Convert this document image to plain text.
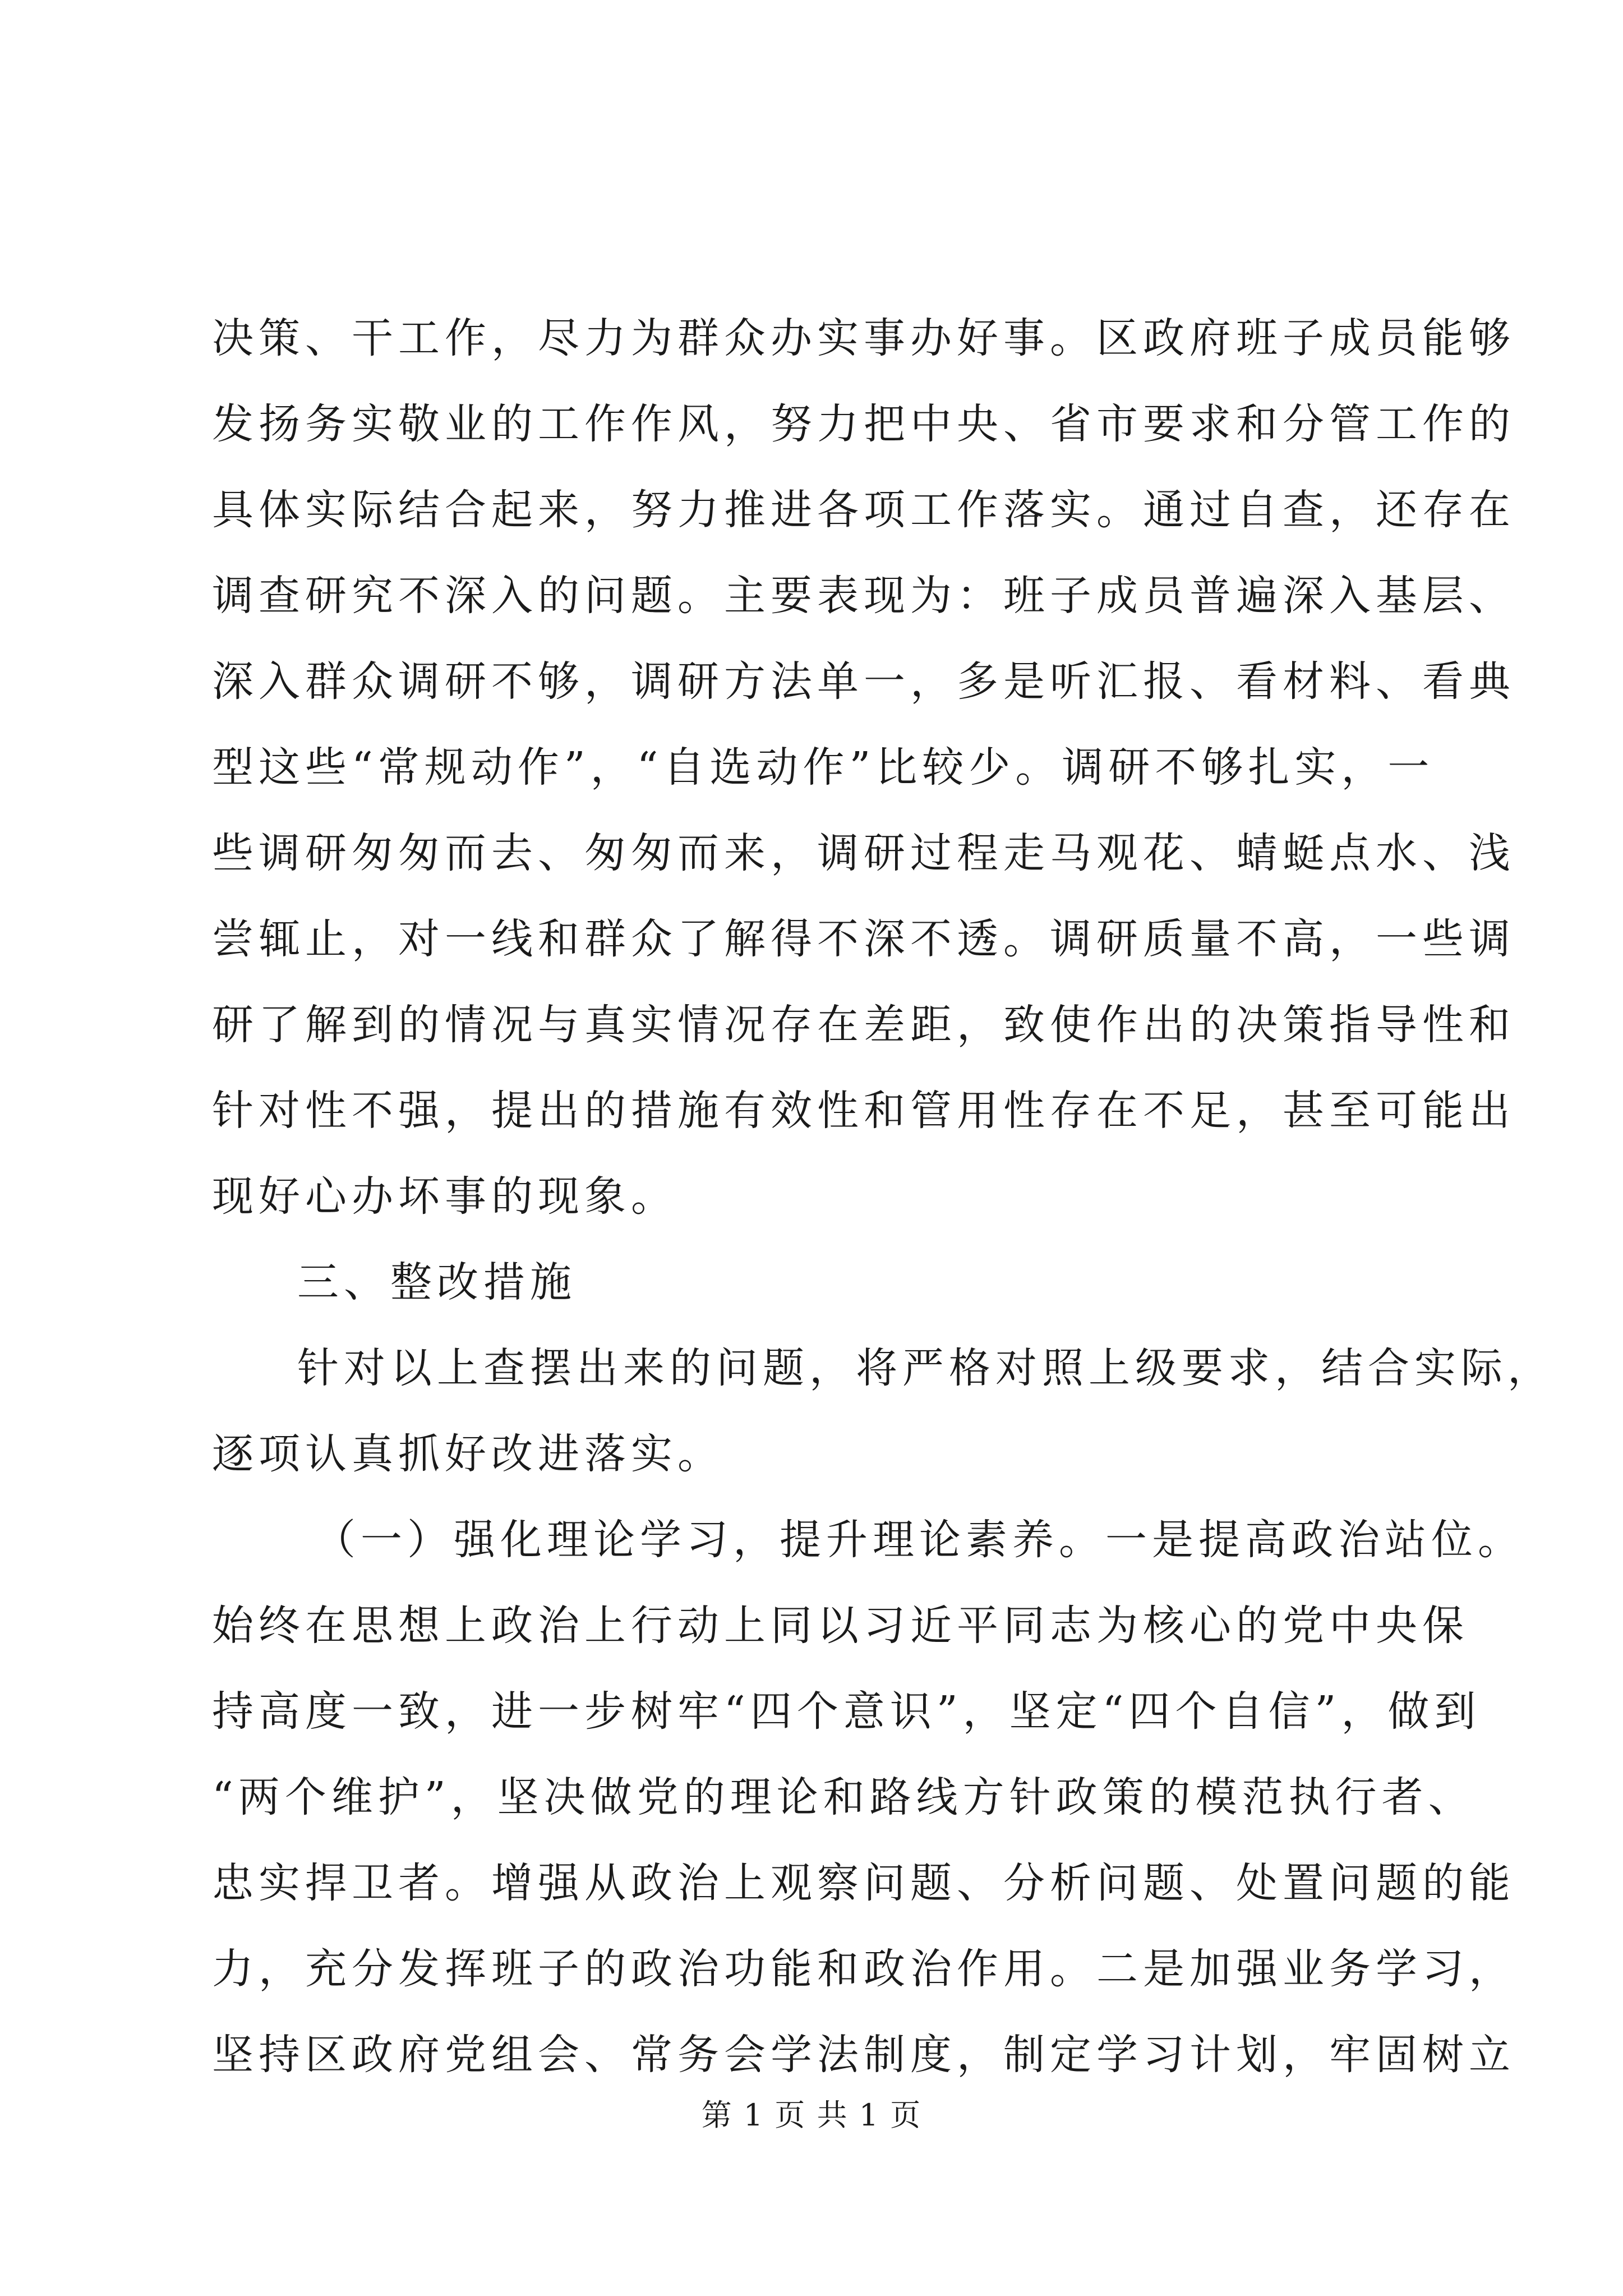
决策、干工作，尽力为群众办实事办好事。区政府班子成员能够
发扬务实敬业的工作作风，努力把中央、省市要求和分管工作的
具体实际结合起来，努力推进各项工作落实。通过自查，还存在
调查研究不深入的问题。主要表现为：班子成员普遍深入基层、
深入群众调研不够，调研方法单一，多是听汇报、看材料、看典
型这些“常规动作”，“自选动作”比较少。调研不够扎实，一
些调研匆匆而去、匆匆而来，调研过程走马观花、蜻蜓点水、浅
尝辄止，对一线和群众了解得不深不透。调研质量不高，一些调
研了解到的情况与真实情况存在差距，致使作出的决策指导性和
针对性不强，提出的措施有效性和管用性存在不足，甚至可能出
现好心办坏事的现象。
三、整改措施
针对以上查摆出来的问题，将严格对照上级要求，结合实际，
逐项认真抓好改进落实。
（一）强化理论学习，提升理论素养。一是提高政治站位。
始终在思想上政治上行动上同以习近平同志为核心的党中央保
持高度一致，进一步树牢“四个意识”，坚定“四个自信”，做到
“两个维护”，坚决做党的理论和路线方针政策的模范执行者、
忠实捍卫者。增强从政治上观察问题、分析问题、处置问题的能
力，充分发挥班子的政治功能和政治作用。二是加强业务学习，
坚持区政府党组会、常务会学法制度，制定学习计划，牢固树立
第 1 页 共 1 页
